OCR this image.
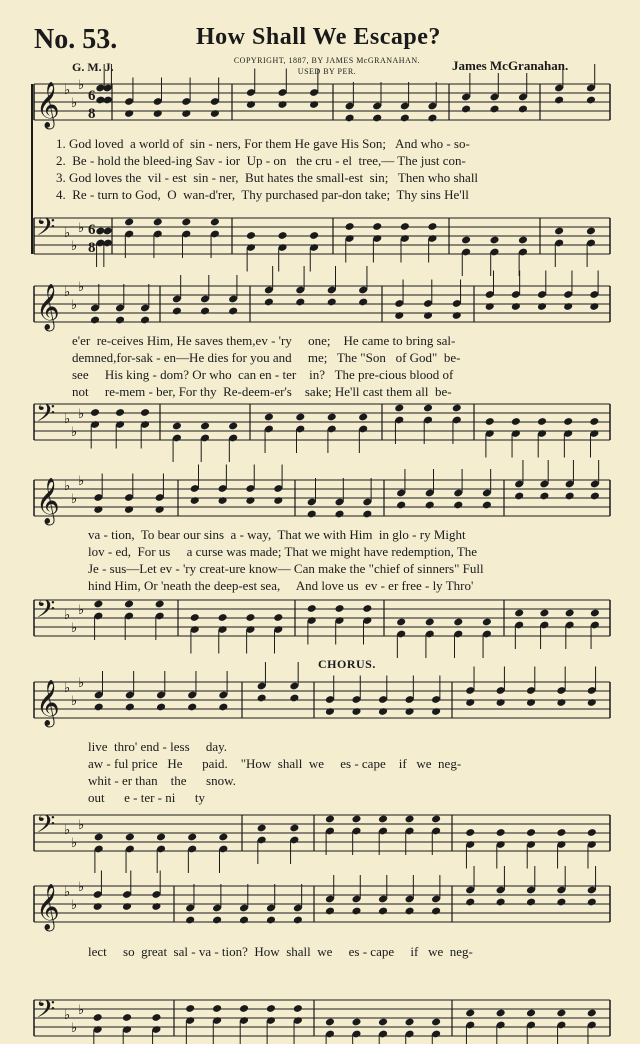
No. 53.	How Shall We Escape?
COPYRIGHT, 1887, BY JAMES McGRANAHAN.
USED BY PER.
G. M. J.	James McGranahan.
CHORUS.
𝄞 ♭
♭
♭
6
8
𝄢 ♭
♭
♭ 6
8
𝄞 ♭
♭
♭
𝄢 ♭
♭
♭
𝄞 ♭
♭
♭
𝄢 ♭
♭
♭
𝄞 ♭
♭
♭
𝄢 ♭
♭
♭
𝄞 ♭
♭
♭
𝄢 ♭
♭
♭
1. God loved  a world of  sin - ners, For them He gave His Son;   And who - so-
2.  Be - hold the bleed-ing Sav - ior  Up - on   the cru - el  tree,— The just con-
3. God loves the  vil - est  sin - ner,  But hates the small-est  sin;   Then who shall
4.  Re - turn to God,  O  wan-d'rer,  Thy purchased par-don take;  Thy sins He'll
e'er  re-ceives Him, He saves them,ev - 'ry     one;    He came to bring sal-
demned,for-sak - en—He dies for you and     me;   The "Son   of God"  be-
see     His king - dom? Or who  can en - ter    in?   The pre-cious blood of
not     re-mem - ber, For thy  Re-deem-er's    sake; He'll cast them all  be-
va - tion,  To bear our sins  a - way,  That we with Him  in glo - ry Might
lov - ed,  For us     a curse was made; That we might have redemption, The
Je - sus—Let ev - 'ry creat-ure know— Can make the "chief of sinners" Full
hind Him, Or 'neath the deep-est sea,     And love us  ev - er free - ly Thro'
live  thro' end - less     day.
aw - ful price   He      paid.    "How  shall  we     es - cape    if   we  neg-
whit - er than    the      snow.
out      e - ter - ni      ty
lect     so  great  sal - va - tion?  How  shall  we     es - cape     if   we  neg-
